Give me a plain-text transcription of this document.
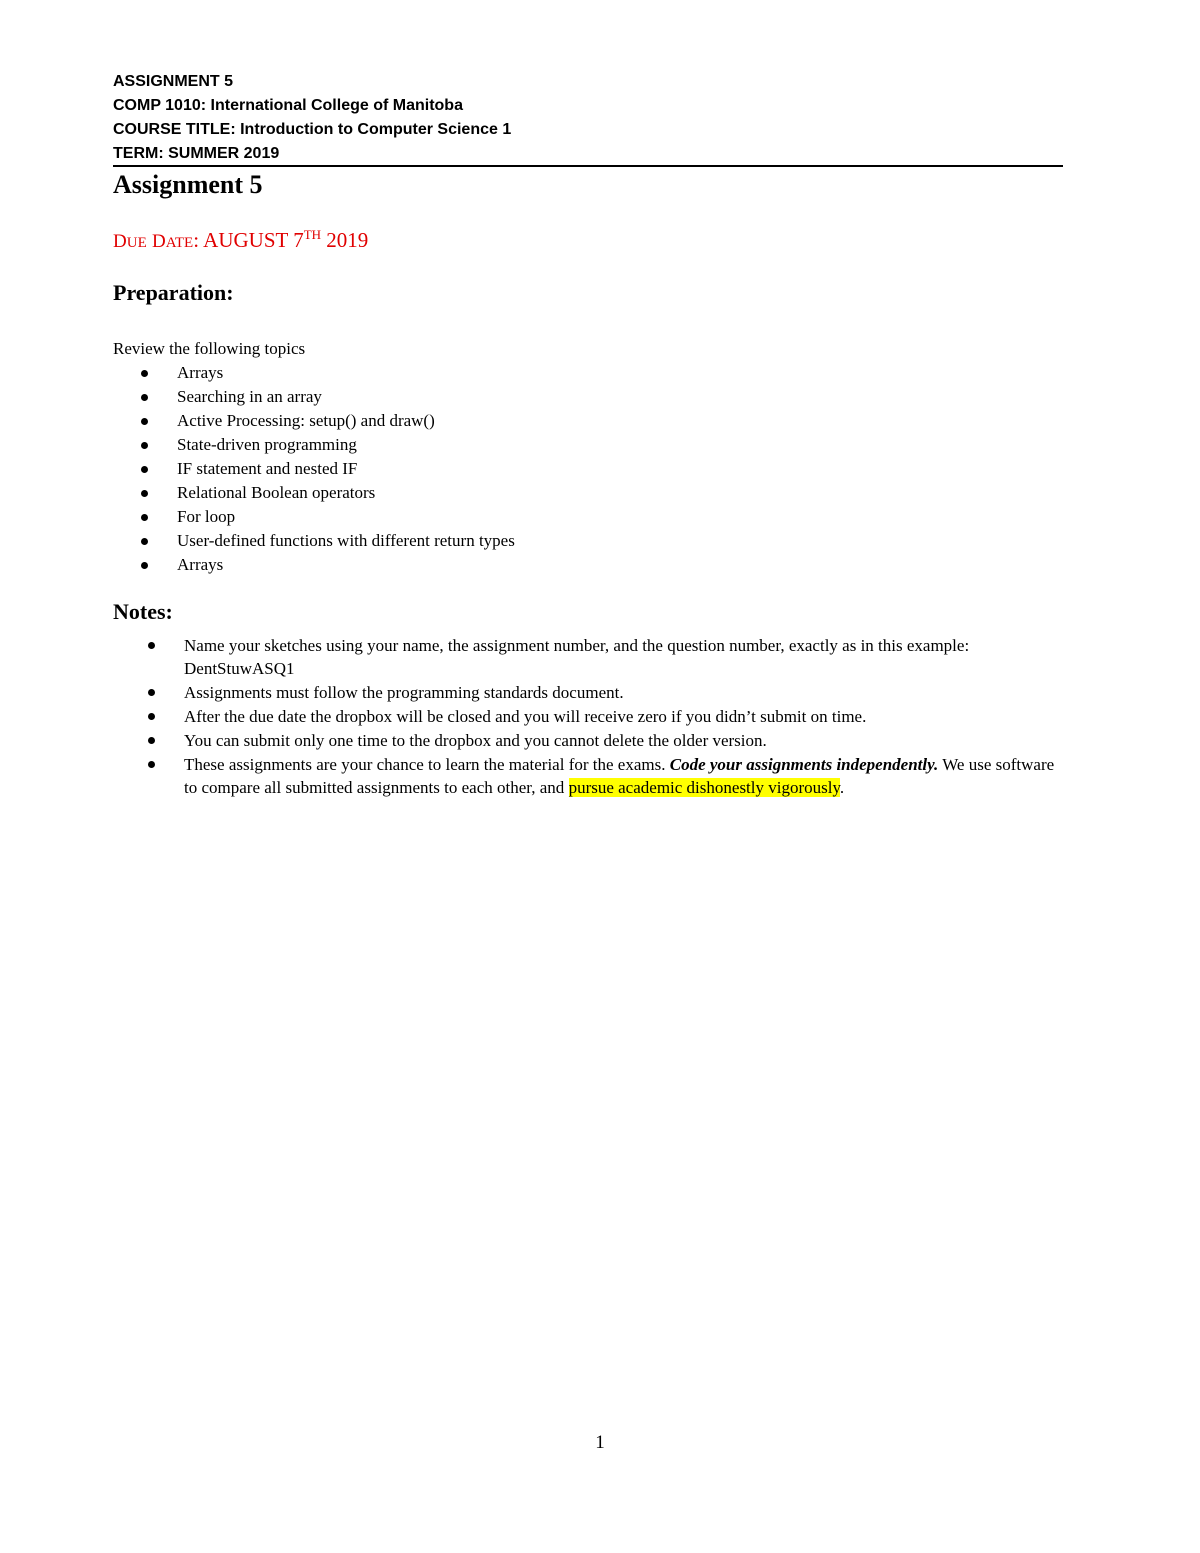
ASSIGNMENT 5
COMP 1010: International College of Manitoba
COURSE TITLE: Introduction to Computer Science 1
TERM: SUMMER 2019
Assignment 5
DUE DATE: AUGUST 7TH 2019
Preparation:
Review the following topics
Arrays
Searching in an array
Active Processing: setup() and draw()
State-driven programming
IF statement and nested IF
Relational Boolean operators
For loop
User-defined functions with different return types
Arrays
Notes:
Name your sketches using your name, the assignment number, and the question number, exactly as in this example: DentStuwASQ1
Assignments must follow the programming standards document.
After the due date the dropbox will be closed and you will receive zero if you didn’t submit on time.
You can submit only one time to the dropbox and you cannot delete the older version.
These assignments are your chance to learn the material for the exams. Code your assignments independently. We use software to compare all submitted assignments to each other, and pursue academic dishonestly vigorously.
1
